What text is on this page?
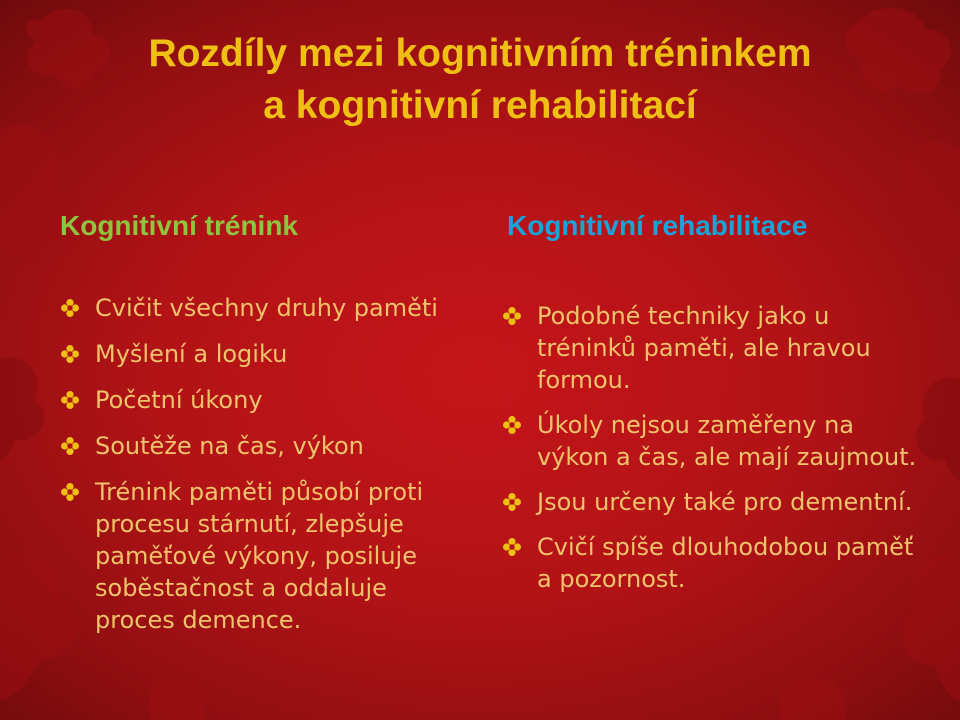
Rozdíly mezi kognitivním tréninkem
a kognitivní rehabilitací
Kognitivní trénink	Kognitivní rehabilitace
Cvičit všechny druhy paměti
Myšlení a logiku
Početní úkony
Soutěže na čas, výkon
Trénink paměti působí proti procesu stárnutí, zlepšuje paměťové výkony, posiluje soběstačnost a oddaluje proces demence.
Podobné techniky jako u tréninků paměti, ale hravou formou.
Úkoly nejsou zaměřeny na výkon a čas, ale mají zaujmout.
Jsou určeny také pro dementní.
Cvičí spíše dlouhodobou paměť a pozornost.
